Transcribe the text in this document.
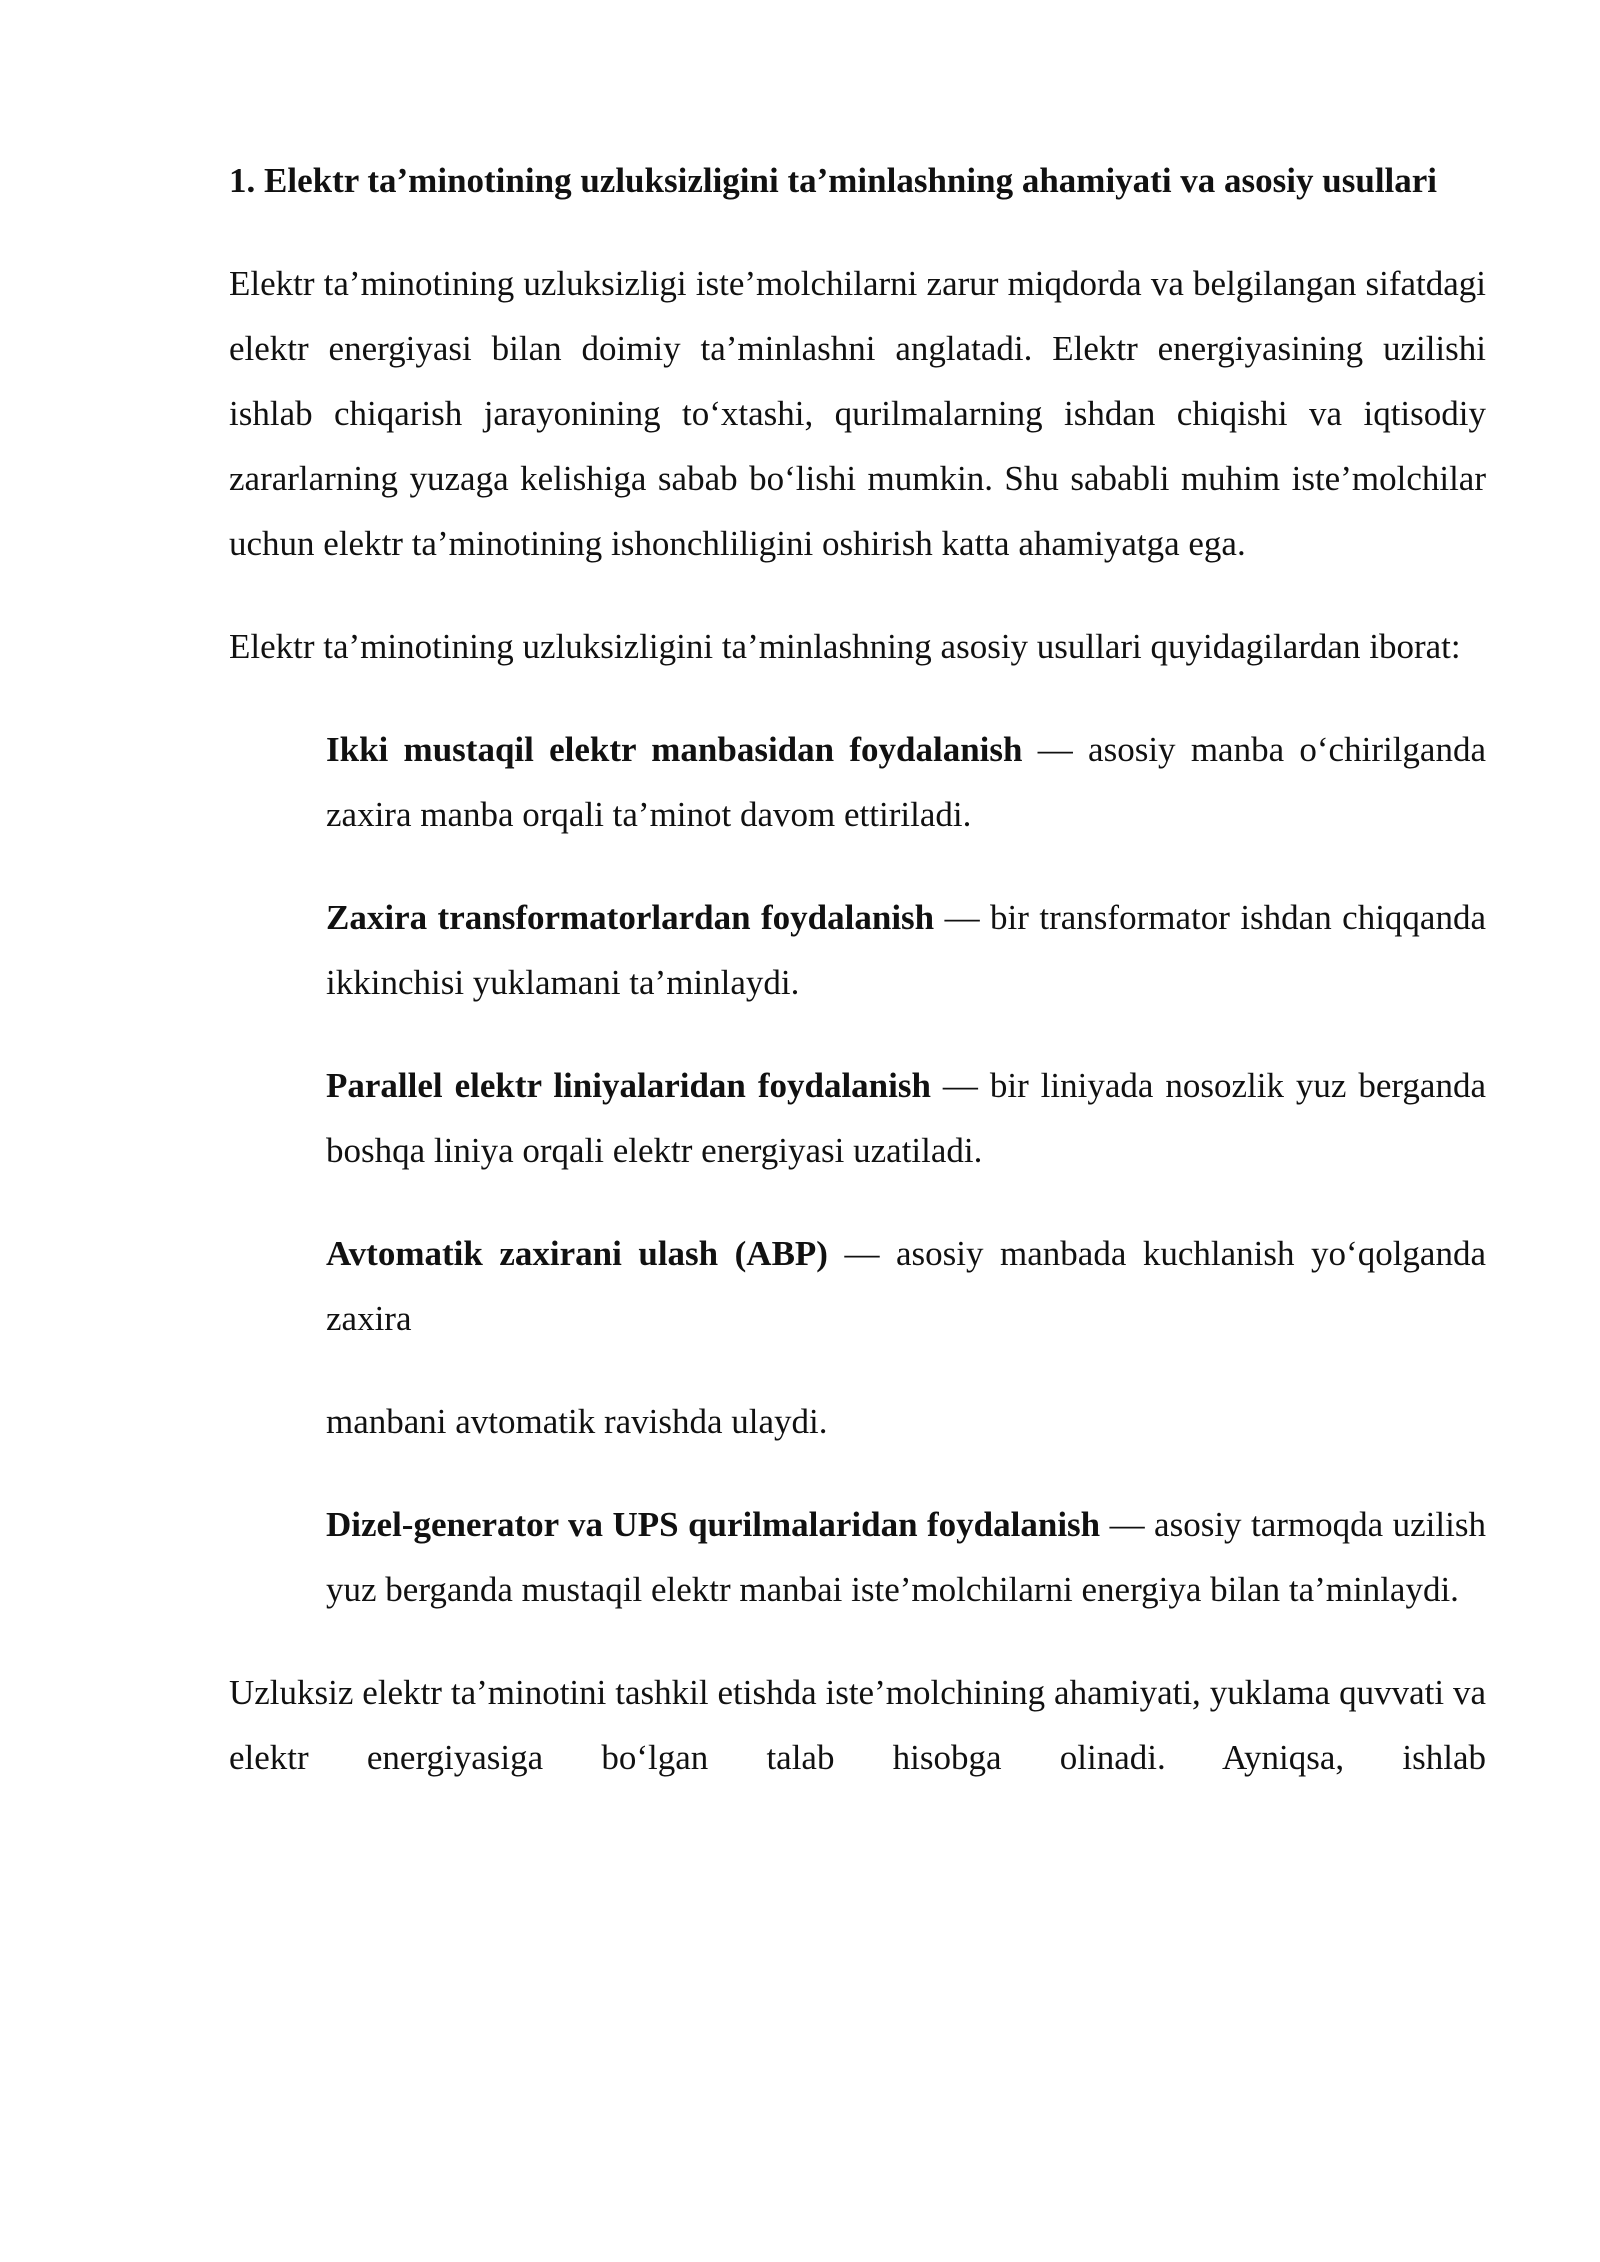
1. Elektr ta’minotining uzluksizligini ta’minlashning ahamiyati va asosiy usullari

Elektr ta’minotining uzluksizligi iste’molchilarni zarur miqdorda va belgilangan sifatdagi elektr energiyasi bilan doimiy ta’minlashni anglatadi. Elektr energiyasining uzilishi ishlab chiqarish jarayonining to‘xtashi, qurilmalarning ishdan chiqishi va iqtisodiy zararlarning yuzaga kelishiga sabab bo‘lishi mumkin. Shu sababli muhim iste’molchilar uchun elektr ta’minotining ishonchliligini oshirish katta ahamiyatga ega.

Elektr ta’minotining uzluksizligini ta’minlashning asosiy usullari quyidagilardan iborat:

Ikki mustaqil elektr manbasidan foydalanish — asosiy manba o‘chirilganda zaxira manba orqali ta’minot davom ettiriladi.
Zaxira transformatorlardan foydalanish — bir transformator ishdan chiqqanda ikkinchisi yuklamani ta’minlaydi.
Parallel elektr liniyalaridan foydalanish — bir liniyada nosozlik yuz berganda boshqa liniya orqali elektr energiyasi uzatiladi.
Avtomatik zaxirani ulash (ABP) — asosiy manbada kuchlanish yo‘qolganda zaxira

manbani avtomatik ravishda ulaydi.

Dizel-generator va UPS qurilmalaridan foydalanish — asosiy tarmoqda uzilish yuz berganda mustaqil elektr manbai iste’molchilarni energiya bilan ta’minlaydi.

Uzluksiz elektr ta’minotini tashkil etishda iste’molchining ahamiyati, yuklama quvvati va elektr energiyasiga bo‘lgan talab hisobga olinadi. Ayniqsa, ishlab
